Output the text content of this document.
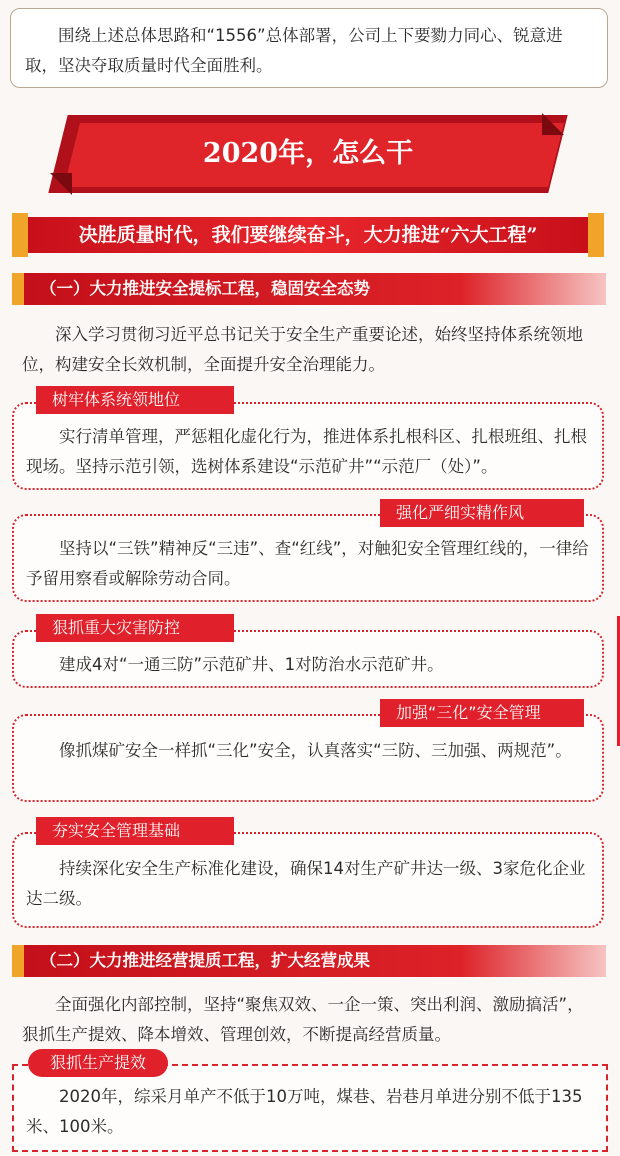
围绕上述总体思路和“1556”总体部署，公司上下要勠力同心、锐意进取，坚决夺取质量时代全面胜利。
2020年，怎么干
决胜质量时代，我们要继续奋斗，大力推进“六大工程”
（一）大力推进安全提标工程，稳固安全态势
深入学习贯彻习近平总书记关于安全生产重要论述，始终坚持体系统领地位，构建安全长效机制，全面提升安全治理能力。
实行清单管理，严惩粗化虚化行为，推进体系扎根科区、扎根班组、扎根现场。坚持示范引领，选树体系建设“示范矿井”“示范厂（处）”。
树牢体系统领地位
坚持以“三铁”精神反“三违”、查“红线”，对触犯安全管理红线的，一律给予留用察看或解除劳动合同。
强化严细实精作风
建成4对“一通三防”示范矿井、1对防治水示范矿井。
狠抓重大灾害防控
像抓煤矿安全一样抓“三化”安全，认真落实“三防、三加强、两规范”。
加强“三化”安全管理
持续深化安全生产标准化建设，确保14对生产矿井达一级、3家危化企业达二级。
夯实安全管理基础
（二）大力推进经营提质工程，扩大经营成果
全面强化内部控制，坚持“聚焦双效、一企一策、突出利润、激励搞活”，狠抓生产提效、降本增效、管理创效，不断提高经营质量。
2020年，综采月单产不低于10万吨，煤巷、岩巷月单进分别不低于135米、100米。
狠抓生产提效
